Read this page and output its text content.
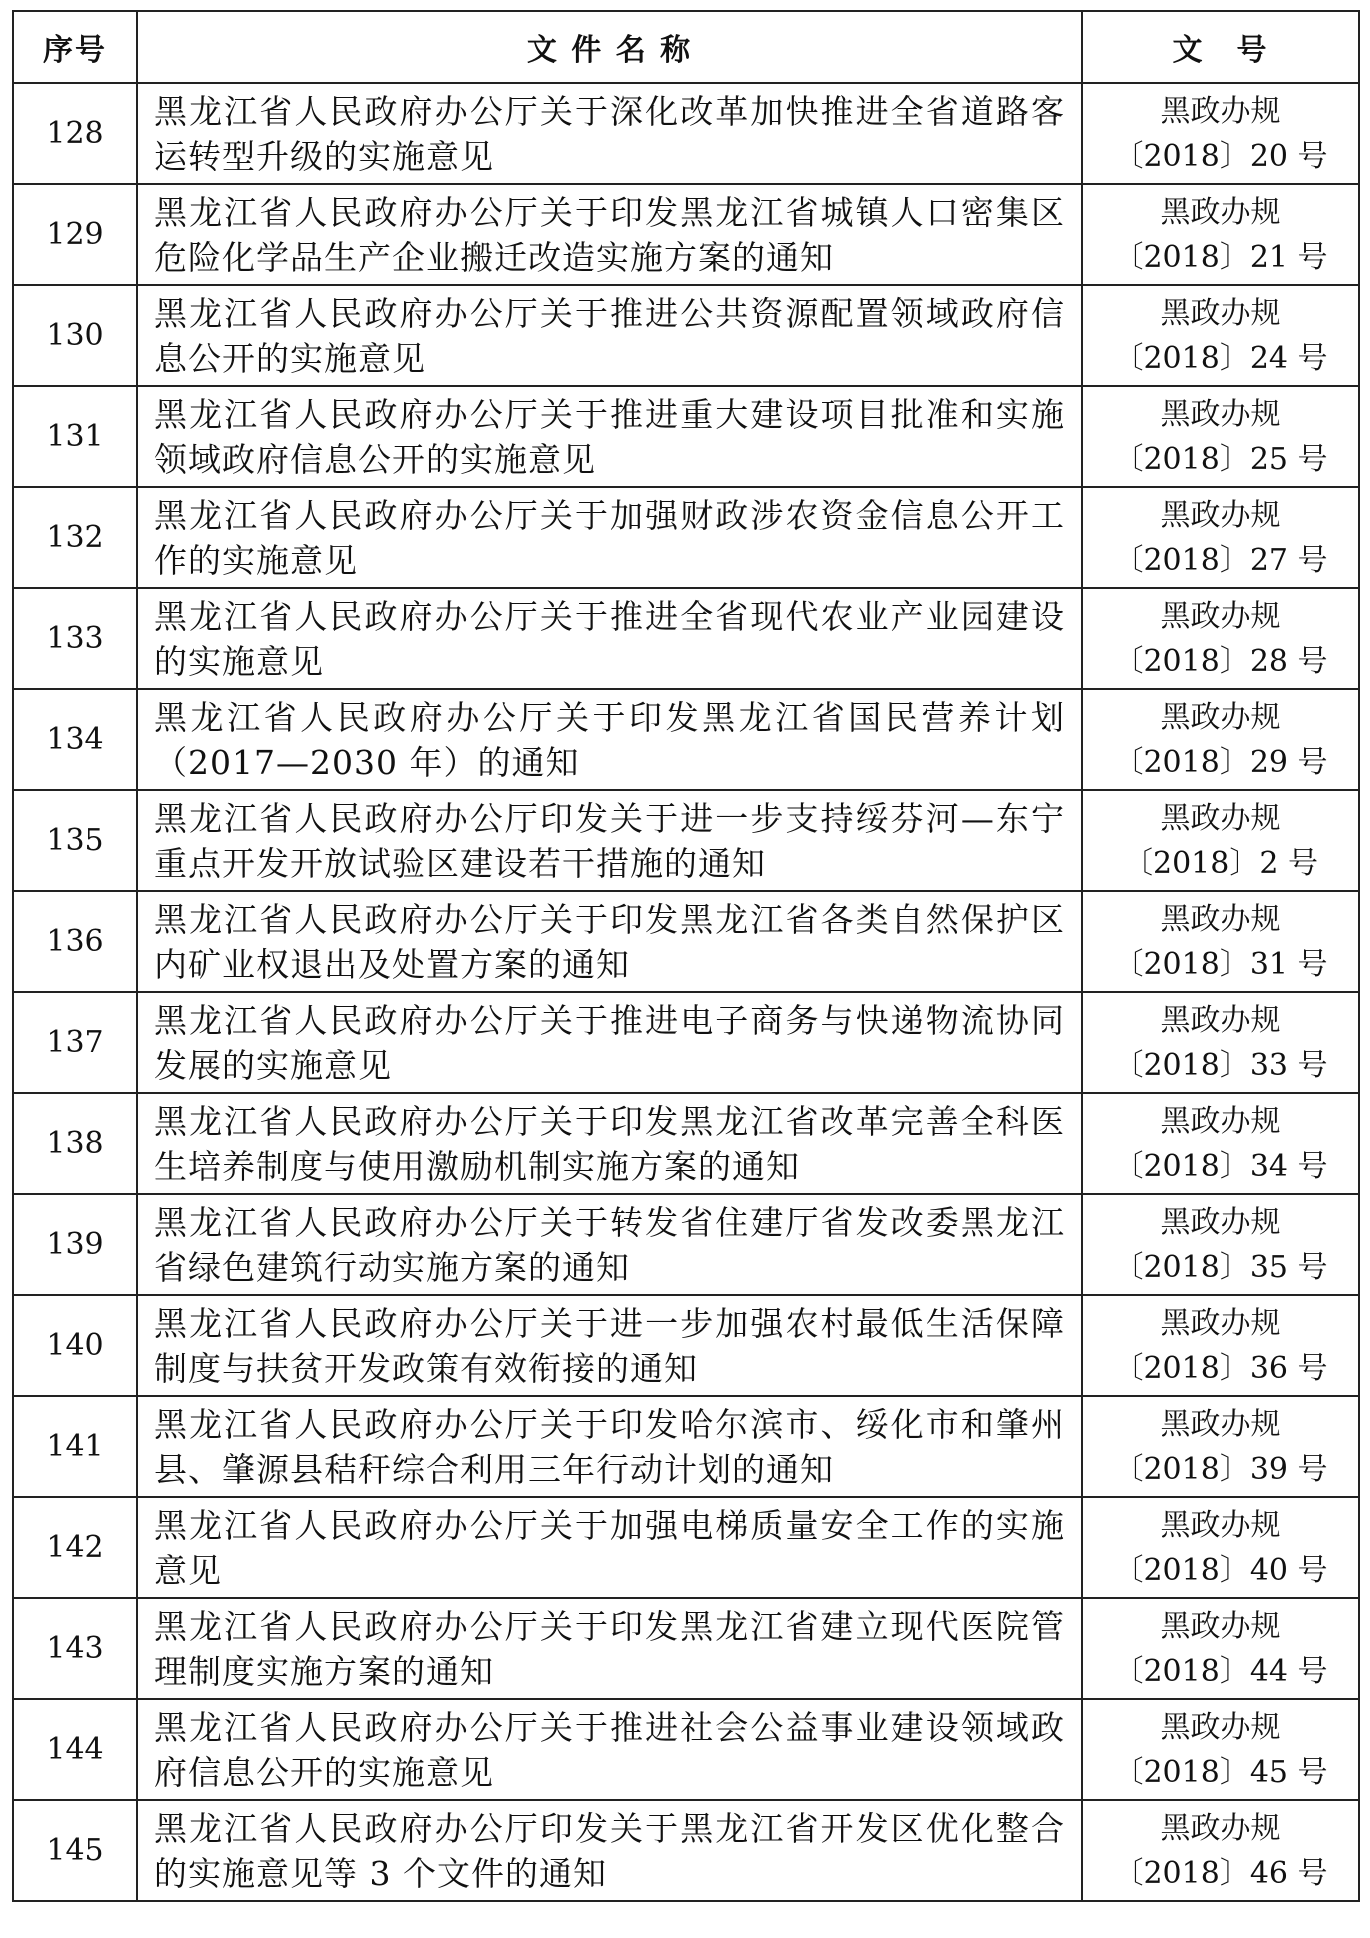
序号	文 件 名 称	文　号
128	黑龙江省人民政府办公厅关于深化改革加快推进全省道路客运转型升级的实施意见	黑政办规
〔2018〕20 号

129	黑龙江省人民政府办公厅关于印发黑龙江省城镇人口密集区危险化学品生产企业搬迁改造实施方案的通知	黑政办规
〔2018〕21 号

130	黑龙江省人民政府办公厅关于推进公共资源配置领域政府信息公开的实施意见	黑政办规
〔2018〕24 号

131	黑龙江省人民政府办公厅关于推进重大建设项目批准和实施领域政府信息公开的实施意见	黑政办规
〔2018〕25 号

132	黑龙江省人民政府办公厅关于加强财政涉农资金信息公开工作的实施意见	黑政办规
〔2018〕27 号

133	黑龙江省人民政府办公厅关于推进全省现代农业产业园建设的实施意见	黑政办规
〔2018〕28 号

134	黑龙江省人民政府办公厅关于印发黑龙江省国民营养计划（2017—2030 年）的通知	黑政办规
〔2018〕29 号

135	黑龙江省人民政府办公厅印发关于进一步支持绥芬河—东宁重点开发开放试验区建设若干措施的通知	黑政办规
〔2018〕2 号

136	黑龙江省人民政府办公厅关于印发黑龙江省各类自然保护区内矿业权退出及处置方案的通知	黑政办规
〔2018〕31 号

137	黑龙江省人民政府办公厅关于推进电子商务与快递物流协同发展的实施意见	黑政办规
〔2018〕33 号

138	黑龙江省人民政府办公厅关于印发黑龙江省改革完善全科医生培养制度与使用激励机制实施方案的通知	黑政办规
〔2018〕34 号

139	黑龙江省人民政府办公厅关于转发省住建厅省发改委黑龙江省绿色建筑行动实施方案的通知	黑政办规
〔2018〕35 号

140	黑龙江省人民政府办公厅关于进一步加强农村最低生活保障制度与扶贫开发政策有效衔接的通知	黑政办规
〔2018〕36 号

141	黑龙江省人民政府办公厅关于印发哈尔滨市、绥化市和肇州县、肇源县秸秆综合利用三年行动计划的通知	黑政办规
〔2018〕39 号

142	黑龙江省人民政府办公厅关于加强电梯质量安全工作的实施意见	黑政办规
〔2018〕40 号

143	黑龙江省人民政府办公厅关于印发黑龙江省建立现代医院管理制度实施方案的通知	黑政办规
〔2018〕44 号

144	黑龙江省人民政府办公厅关于推进社会公益事业建设领域政府信息公开的实施意见	黑政办规
〔2018〕45 号

145	黑龙江省人民政府办公厅印发关于黑龙江省开发区优化整合的实施意见等 3 个文件的通知	黑政办规
〔2018〕46 号
